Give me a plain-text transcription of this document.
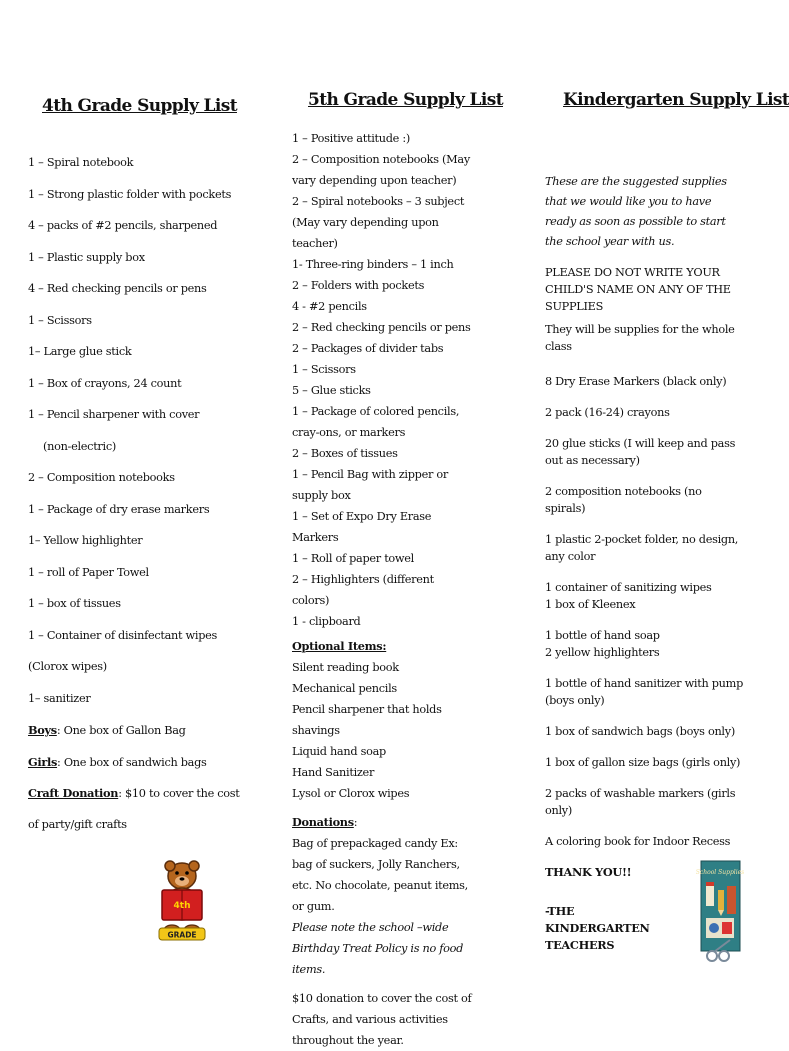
4th Grade Supply List
1 – Spiral notebook
1 – Strong plastic folder with pockets
4 – packs of #2 pencils, sharpened
1 – Plastic supply box
4 – Red checking pencils or pens
1 – Scissors
1– Large glue stick
1 – Box of crayons, 24 count
1 – Pencil sharpener with cover
(non-electric)
2 – Composition notebooks
1 – Package of dry erase markers
1– Yellow highlighter
1 – roll of Paper Towel
1 – box of tissues
1 – Container of disinfectant wipes
(Clorox wipes)
1– sanitizer
Boys: One box of Gallon Bag
Girls: One box of sandwich bags
Craft Donation: $10 to cover the cost
of party/gift crafts
4th
GRADE
5th Grade Supply List
1 – Positive attitude :)
2 – Composition notebooks (May vary depending upon teacher)
2 – Spiral notebooks – 3 subject (May vary depending upon teacher)
1- Three-ring binders – 1 inch
2 – Folders with pockets
4 - #2 pencils
2 – Red checking pencils or pens
2 – Packages of divider tabs
1 – Scissors
5 – Glue sticks
1 – Package of colored pencils, cray-ons, or markers
2 – Boxes of tissues
1 – Pencil Bag with zipper or supply box
1 – Set of Expo Dry Erase Markers
1 – Roll of paper towel
2 – Highlighters (different colors)
1 - clipboard
Optional Items:
Silent reading book
Mechanical pencils
Pencil sharpener that holds shavings
Liquid hand soap
Hand Sanitizer
Lysol or Clorox wipes
Donations:
Bag of prepackaged candy Ex: bag of suckers, Jolly Ranchers, etc. No chocolate, peanut items, or gum.
Please note the school –wide Birthday Treat Policy is no food items.
$10 donation to cover the cost of Crafts, and various activities throughout the year.
Kindergarten Supply List
These are the suggested supplies that we would like you to have ready as soon as possible to start the school year with us.
PLEASE DO NOT WRITE YOUR CHILD'S NAME ON ANY OF THE SUPPLIES
They will be supplies for the whole class
8 Dry Erase Markers (black only)
2 pack (16-24) crayons
20 glue sticks (I will keep and pass out as necessary)
2 composition notebooks (no spirals)
1 plastic 2-pocket folder, no design, any color
1 container of sanitizing wipes
1 box of Kleenex
1 bottle of hand soap
2 yellow highlighters
1 bottle of hand sanitizer with pump (boys only)
1 box of sandwich bags (boys only)
1 box of gallon size bags (girls only)
2 packs of washable markers (girls only)
A coloring book for Indoor Recess
THANK YOU!!
-THE KINDERGARTEN TEACHERS
School Supplies
